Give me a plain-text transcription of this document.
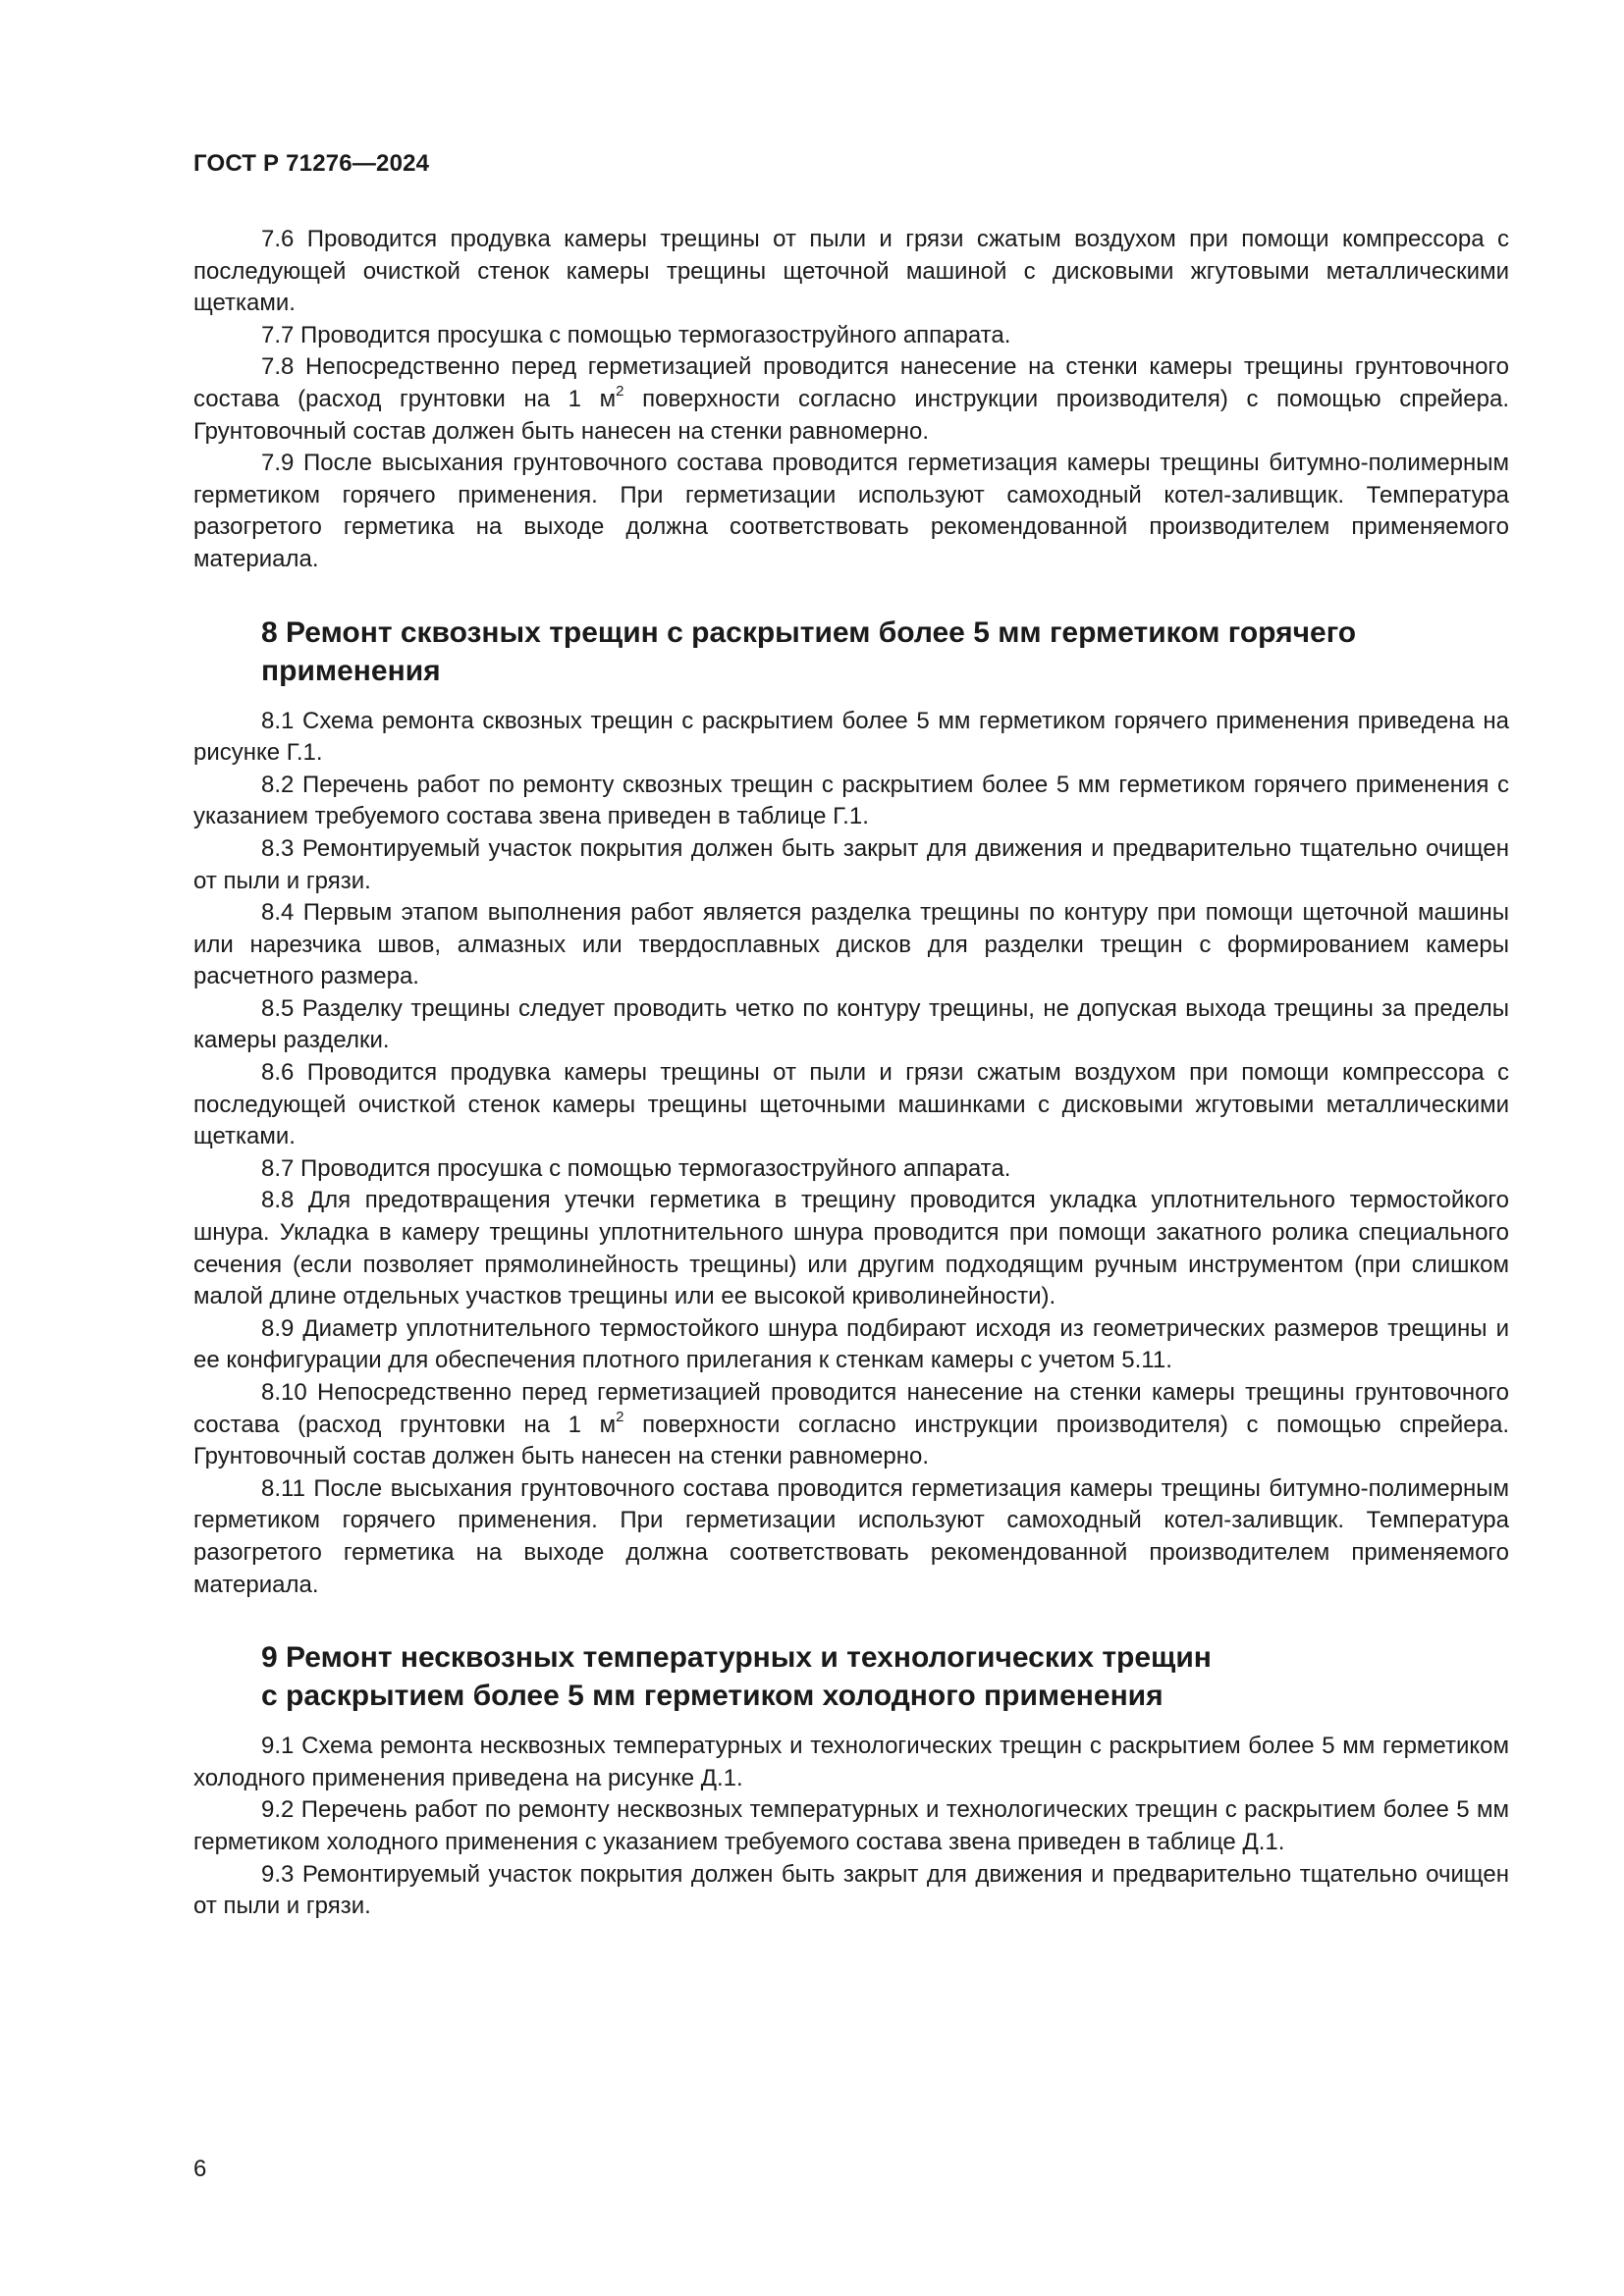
ГОСТ Р 71276—2024

7.6 Проводится продувка камеры трещины от пыли и грязи сжатым воздухом при помощи компрессора с последующей очисткой стенок камеры трещины щеточной машиной с дисковыми жгутовыми металлическими щетками.

7.7 Проводится просушка с помощью термогазоструйного аппарата.

7.8 Непосредственно перед герметизацией проводится нанесение на стенки камеры трещины грунтовочного состава (расход грунтовки на 1 $м^2$ поверхности согласно инструкции производителя) с помощью спрейера. Грунтовочный состав должен быть нанесен на стенки равномерно.

7.9 После высыхания грунтовочного состава проводится герметизация камеры трещины битумно-полимерным герметиком горячего применения. При герметизации используют самоходный котел-заливщик. Температура разогретого герметика на выходе должна соответствовать рекомендованной производителем применяемого материала.

8 Ремонт сквозных трещин с раскрытием более 5 мм герметиком горячего применения

8.1 Схема ремонта сквозных трещин с раскрытием более 5 мм герметиком горячего применения приведена на рисунке Г.1.

8.2 Перечень работ по ремонту сквозных трещин с раскрытием более 5 мм герметиком горячего применения с указанием требуемого состава звена приведен в таблице Г.1.

8.3 Ремонтируемый участок покрытия должен быть закрыт для движения и предварительно тщательно очищен от пыли и грязи.

8.4 Первым этапом выполнения работ является разделка трещины по контуру при помощи щеточной машины или нарезчика швов, алмазных или твердосплавных дисков для разделки трещин с формированием камеры расчетного размера.

8.5 Разделку трещины следует проводить четко по контуру трещины, не допуская выхода трещины за пределы камеры разделки.

8.6 Проводится продувка камеры трещины от пыли и грязи сжатым воздухом при помощи компрессора с последующей очисткой стенок камеры трещины щеточными машинками с дисковыми жгутовыми металлическими щетками.

8.7 Проводится просушка с помощью термогазоструйного аппарата.

8.8 Для предотвращения утечки герметика в трещину проводится укладка уплотнительного термостойкого шнура. Укладка в камеру трещины уплотнительного шнура проводится при помощи закатного ролика специального сечения (если позволяет прямолинейность трещины) или другим подходящим ручным инструментом (при слишком малой длине отдельных участков трещины или ее высокой криволинейности).

8.9 Диаметр уплотнительного термостойкого шнура подбирают исходя из геометрических размеров трещины и ее конфигурации для обеспечения плотного прилегания к стенкам камеры с учетом 5.11.

8.10 Непосредственно перед герметизацией проводится нанесение на стенки камеры трещины грунтовочного состава (расход грунтовки на 1 $м^2$ поверхности согласно инструкции производителя) с помощью спрейера. Грунтовочный состав должен быть нанесен на стенки равномерно.

8.11 После высыхания грунтовочного состава проводится герметизация камеры трещины битумно-полимерным герметиком горячего применения. При герметизации используют самоходный котел-заливщик. Температура разогретого герметика на выходе должна соответствовать рекомендованной производителем применяемого материала.

9 Ремонт несквозных температурных и технологических трещин
с раскрытием более 5 мм герметиком холодного применения

9.1 Схема ремонта несквозных температурных и технологических трещин с раскрытием более 5 мм герметиком холодного применения приведена на рисунке Д.1.

9.2 Перечень работ по ремонту несквозных температурных и технологических трещин с раскрытием более 5 мм герметиком холодного применения с указанием требуемого состава звена приведен в таблице Д.1.

9.3 Ремонтируемый участок покрытия должен быть закрыт для движения и предварительно тщательно очищен от пыли и грязи.

6
